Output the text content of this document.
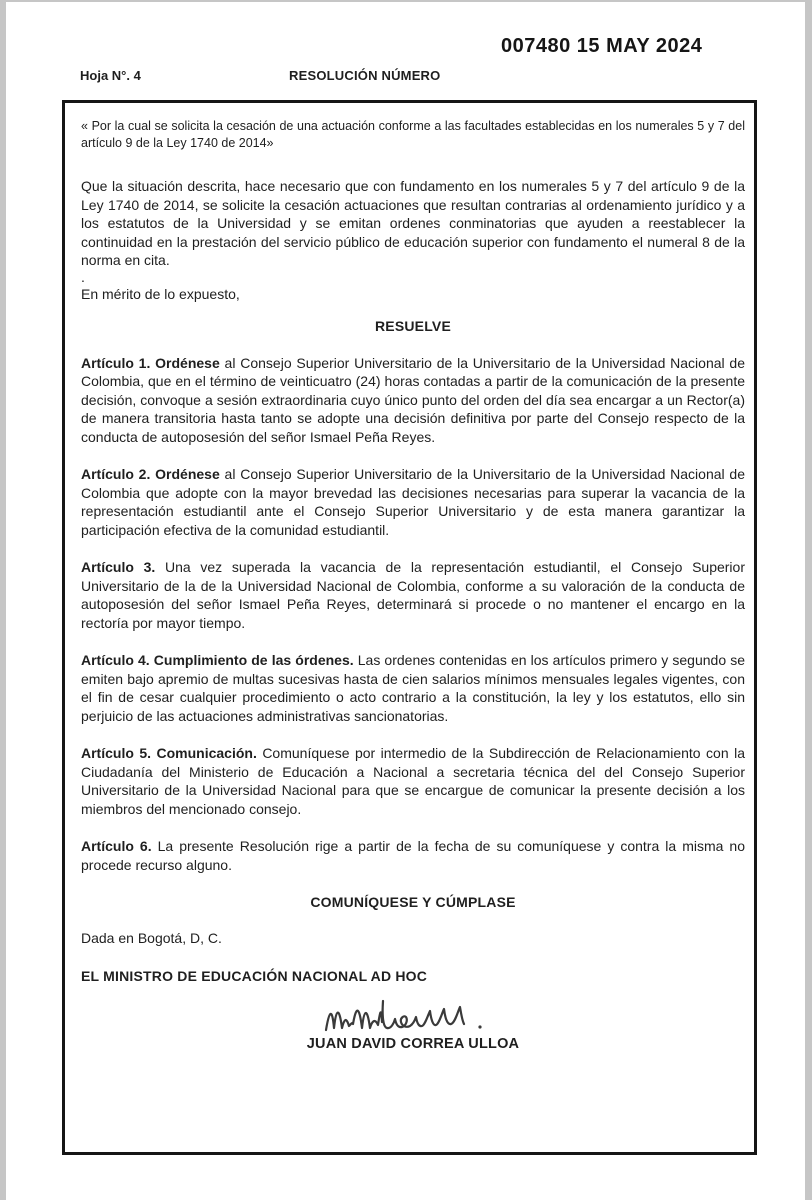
007480 15 MAY 2024
Hoja N°. 4	RESOLUCIÓN NÚMERO

« Por la cual se solicita la cesación de una actuación conforme a las facultades establecidas en los numerales 5 y 7 del artículo 9 de la Ley 1740 de 2014»

Que la situación descrita, hace necesario que con fundamento en los numerales 5 y 7 del artículo 9 de la Ley 1740 de 2014, se solicite la cesación actuaciones que resultan contrarias al ordenamiento jurídico y a los estatutos de la Universidad y se emitan ordenes conminatorias que ayuden a reestablecer la continuidad en la prestación del servicio público de educación superior con fundamento el numeral 8 de la norma en cita.

.

En mérito de lo expuesto,

RESUELVE

Artículo 1. Ordénese al Consejo Superior Universitario de la Universitario de la Universidad Nacional de Colombia, que en el término de veinticuatro (24) horas contadas a partir de la comunicación de la presente decisión, convoque a sesión extraordinaria cuyo único punto del orden del día sea encargar a un Rector(a) de manera transitoria hasta tanto se adopte una decisión definitiva por parte del Consejo respecto de la conducta de autoposesión del señor Ismael Peña Reyes.

Artículo 2. Ordénese al Consejo Superior Universitario de la Universitario de la Universidad Nacional de Colombia que adopte con la mayor brevedad las decisiones necesarias para superar la vacancia de la representación estudiantil ante el Consejo Superior Universitario y de esta manera garantizar la participación efectiva de la comunidad estudiantil.

Artículo 3. Una vez superada la vacancia de la representación estudiantil, el Consejo Superior Universitario de la de la Universidad Nacional de Colombia, conforme a su valoración de la conducta de autoposesión del señor Ismael Peña Reyes, determinará si procede o no mantener el encargo en la rectoría por mayor tiempo.

Artículo 4. Cumplimiento de las órdenes. Las ordenes contenidas en los artículos primero y segundo se emiten bajo apremio de multas sucesivas hasta de cien salarios mínimos mensuales legales vigentes, con el fin de cesar cualquier procedimiento o acto contrario a la constitución, la ley y los estatutos, ello sin perjuicio de las actuaciones administrativas sancionatorias.

Artículo 5. Comunicación. Comuníquese por intermedio de la Subdirección de Relacionamiento con la Ciudadanía del Ministerio de Educación a Nacional a secretaria técnica del del Consejo Superior Universitario de la Universidad Nacional para que se encargue de comunicar la presente decisión a los miembros del mencionado consejo.

Artículo 6. La presente Resolución rige a partir de la fecha de su comuníquese y contra la misma no procede recurso alguno.

COMUNÍQUESE Y CÚMPLASE

Dada en Bogotá, D, C.

EL MINISTRO DE EDUCACIÓN NACIONAL AD HOC

JUAN DAVID CORREA ULLOA
